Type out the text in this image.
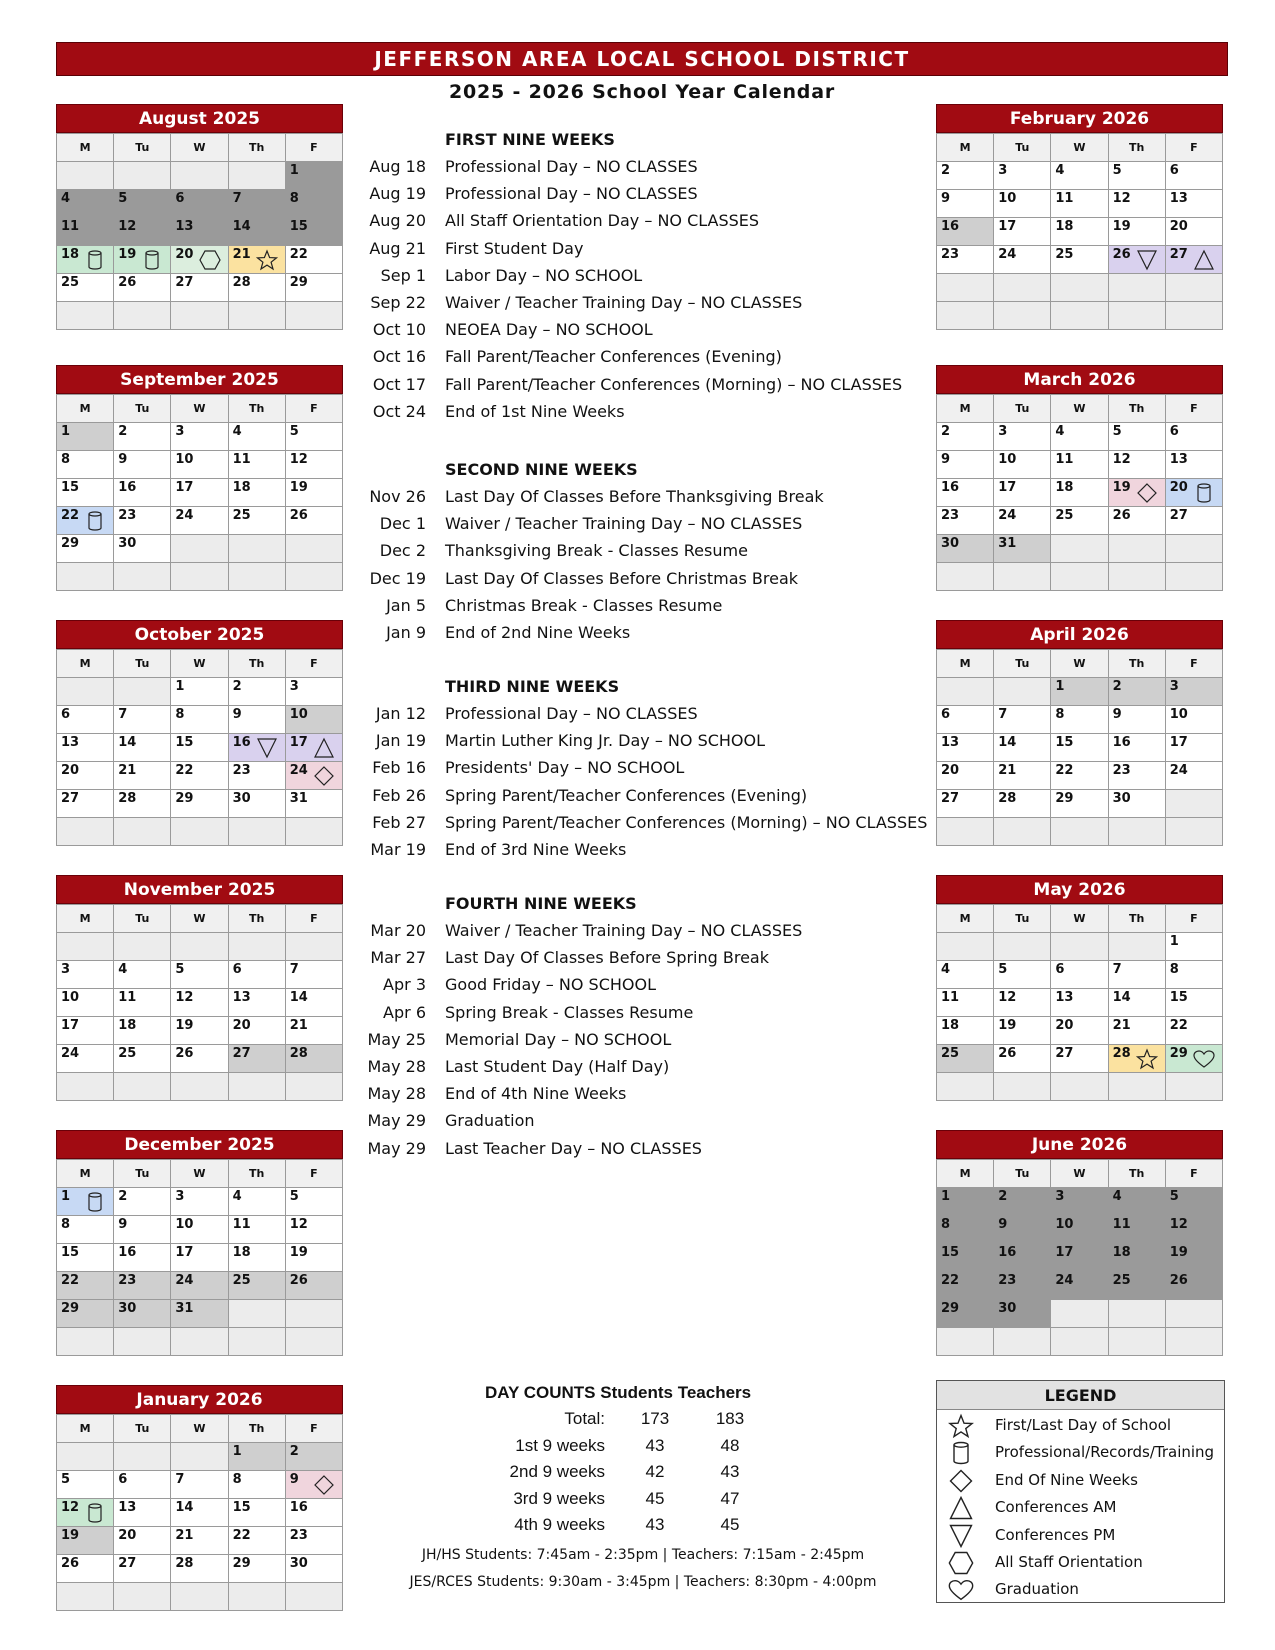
JEFFERSON AREA LOCAL SCHOOL DISTRICT
2025 - 2026 School Year Calendar
August 2025
M	Tu	W	Th	F
				1
4	5	6	7	8
11	12	13	14	15
18	19	20	21	22
25	26	27	28	29

September 2025
M	Tu	W	Th	F
1	2	3	4	5
8	9	10	11	12
15	16	17	18	19
22	23	24	25	26
29	30			

October 2025
M	Tu	W	Th	F
		1	2	3
6	7	8	9	10
13	14	15	16	17

20	21	22	23	24

27	28	29	30	31

November 2025
M	Tu	W	Th	F

3	4	5	6	7
10	11	12	13	14
17	18	19	20	21
24	25	26	27	28

December 2025
M	Tu	W	Th	F
1	2	3	4	5
8	9	10	11	12
15	16	17	18	19
22	23	24	25	26
29	30	31		

January 2026
M	Tu	W	Th	F
			1	2
5	6	7	8	9

12	13	14	15	16
19	20	21	22	23
26	27	28	29	30

February 2026
M	Tu	W	Th	F
2	3	4	5	6
9	10	11	12	13
16	17	18	19	20
23	24	25	26	27

March 2026
M	Tu	W	Th	F
2	3	4	5	6
9	10	11	12	13
16	17	18	19	20

23	24	25	26	27
30	31			

April 2026
M	Tu	W	Th	F
		1	2	3
6	7	8	9	10
13	14	15	16	17
20	21	22	23	24
27	28	29	30	

May 2026
M	Tu	W	Th	F
				1
4	5	6	7	8
11	12	13	14	15
18	19	20	21	22
25	26	27	28	29

June 2026
M	Tu	W	Th	F
1	2	3	4	5
8	9	10	11	12
15	16	17	18	19
22	23	24	25	26
29	30			

FIRST NINE WEEKS
Aug 18 Professional Day – NO CLASSES
Aug 19 Professional Day – NO CLASSES
Aug 20 All Staff Orientation Day – NO CLASSES
Aug 21 First Student Day
Sep 1 Labor Day – NO SCHOOL
Sep 22 Waiver / Teacher Training Day – NO CLASSES
Oct 10 NEOEA Day – NO SCHOOL
Oct 16 Fall Parent/Teacher Conferences (Evening)
Oct 17 Fall Parent/Teacher Conferences (Morning) – NO CLASSES
Oct 24 End of 1st Nine Weeks
SECOND NINE WEEKS
Nov 26 Last Day Of Classes Before Thanksgiving Break
Dec 1 Waiver / Teacher Training Day – NO CLASSES
Dec 2 Thanksgiving Break - Classes Resume
Dec 19 Last Day Of Classes Before Christmas Break
Jan 5 Christmas Break - Classes Resume
Jan 9 End of 2nd Nine Weeks
THIRD NINE WEEKS
Jan 12 Professional Day – NO CLASSES
Jan 19 Martin Luther King Jr. Day – NO SCHOOL
Feb 16 Presidents' Day – NO SCHOOL
Feb 26 Spring Parent/Teacher Conferences (Evening)
Feb 27 Spring Parent/Teacher Conferences (Morning) – NO CLASSES
Mar 19 End of 3rd Nine Weeks
FOURTH NINE WEEKS
Mar 20 Waiver / Teacher Training Day – NO CLASSES
Mar 27 Last Day Of Classes Before Spring Break
Apr 3 Good Friday – NO SCHOOL
Apr 6 Spring Break - Classes Resume
May 25 Memorial Day – NO SCHOOL
May 28 Last Student Day (Half Day)
May 28 End of 4th Nine Weeks
May 29 Graduation
May 29 Last Teacher Day – NO CLASSES
DAY COUNTS Students Teachers
Total:	173	183
1st 9 weeks	43	48
2nd 9 weeks	42	43
3rd 9 weeks	45	47
4th 9 weeks	43	45
JH/HS Students: 7:45am - 2:35pm | Teachers: 7:15am - 2:45pm
JES/RCES Students: 9:30am - 3:45pm | Teachers: 8:30pm - 4:00pm
LEGEND
First/Last Day of School
Professional/Records/Training
End Of Nine Weeks
Conferences AM
Conferences PM
All Staff Orientation
Graduation
